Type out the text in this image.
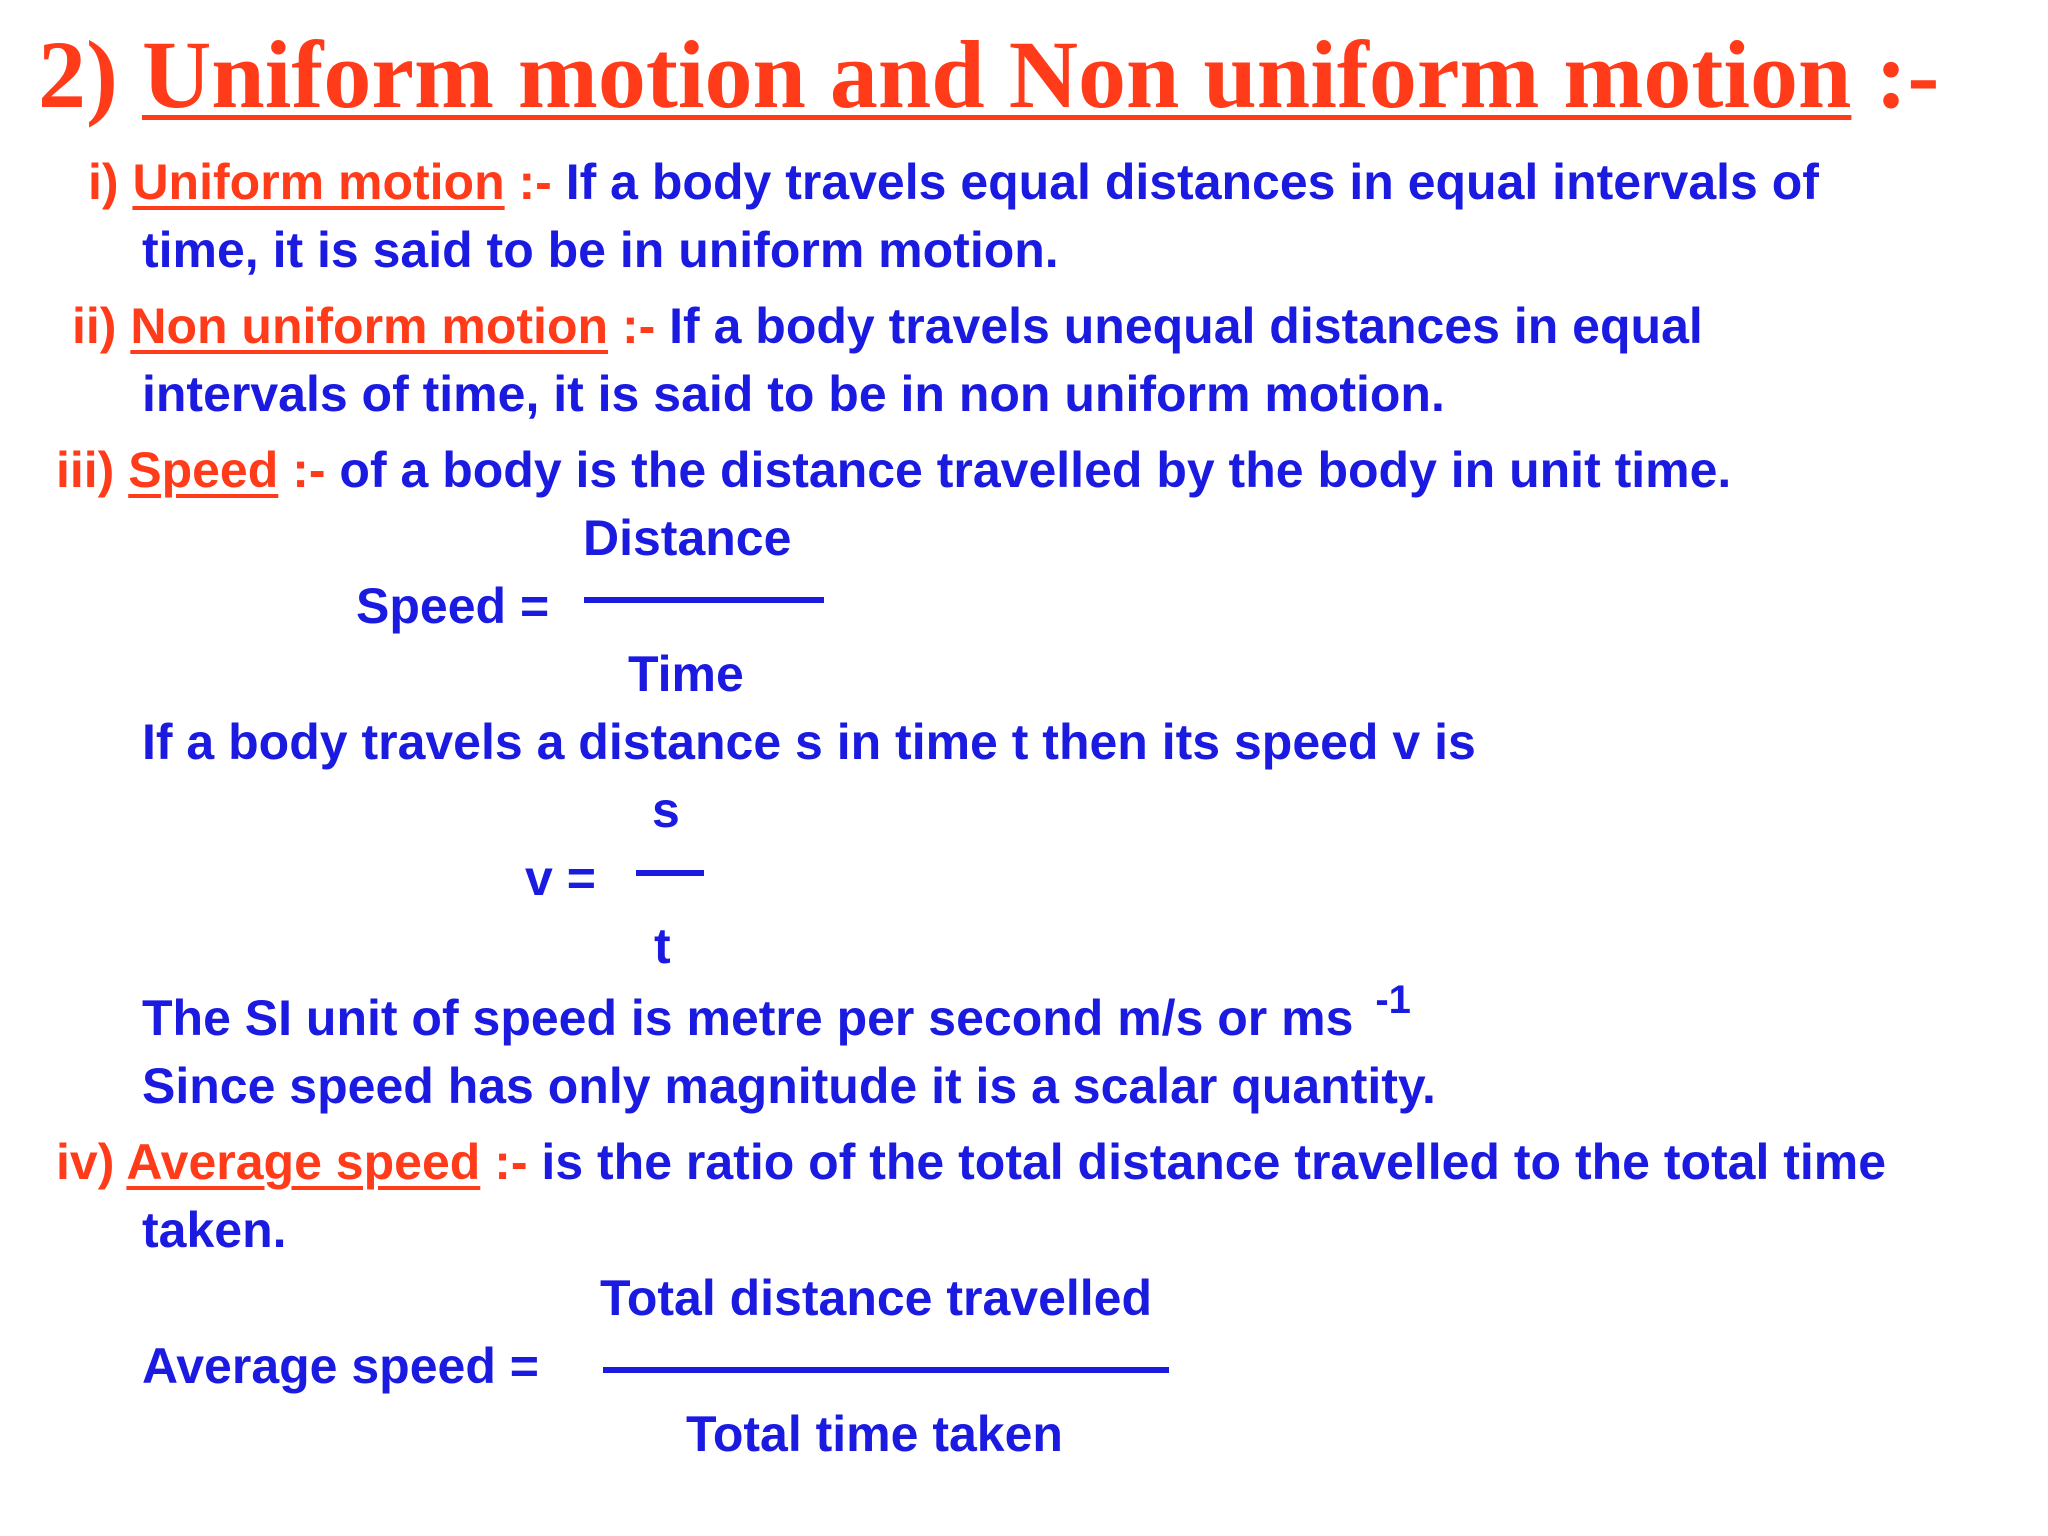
2) Uniform motion and Non uniform motion :-
i) Uniform motion :- If a body travels equal distances in equal intervals of
time, it is said to be in uniform motion.
ii) Non uniform motion :- If a body travels unequal distances in equal
intervals of time, it is said to be in non uniform motion.
iii) Speed :- of a body is the distance travelled by the body in unit time.
Distance
Speed =
Time
If a body travels a distance s in time t then its speed v is
s
v =
t
The SI unit of speed is metre per second m/s or ms $^{-1}$
Since speed has only magnitude it is a scalar quantity.
iv) Average speed :- is the ratio of the total distance travelled to the total time
taken.
Total distance travelled
Average speed =
Total time taken
